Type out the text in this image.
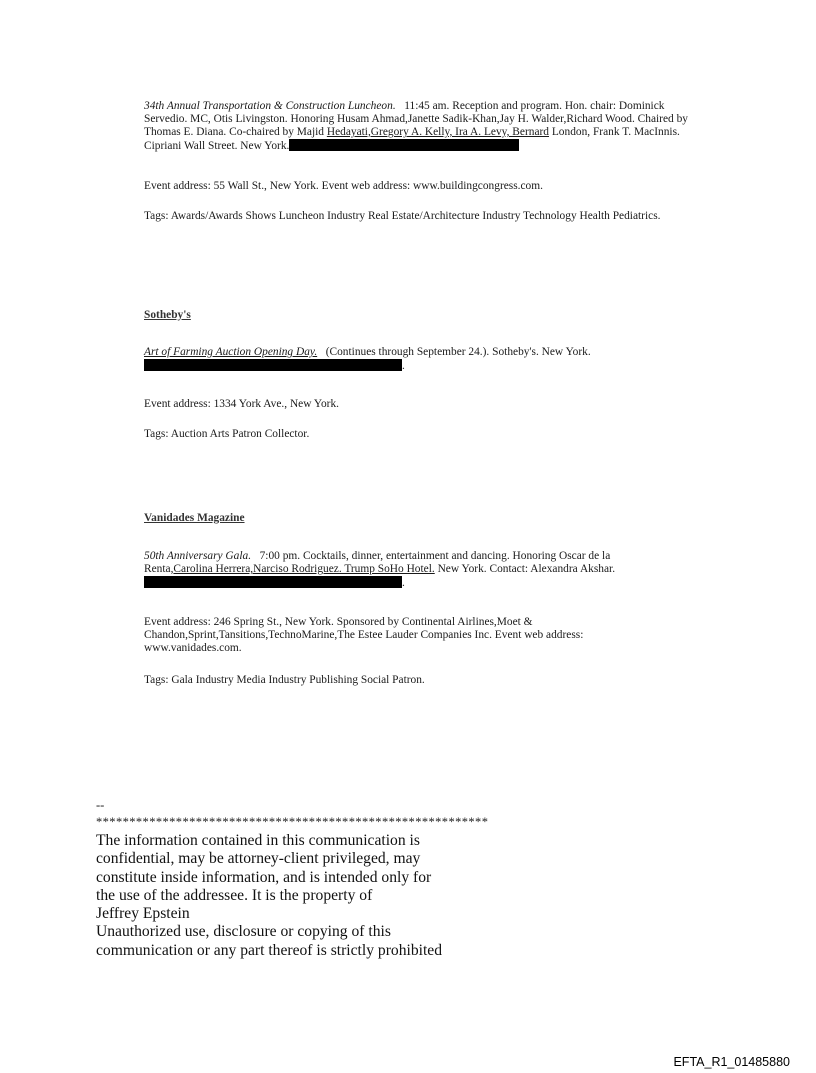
34th Annual Transportation & Construction Luncheon. 11:45 am. Reception and program. Hon. chair: Dominick Servedio. MC, Otis Livingston. Honoring Husam Ahmad,Janette Sadik-Khan,Jay H. Walder,Richard Wood. Chaired by Thomas E. Diana. Co-chaired by Majid Hedayati,Gregory A. Kelly, Ira A. Levy, Bernard London, Frank T. MacInnis. Cipriani Wall Street. New York.
Event address: 55 Wall St., New York. Event web address: www.buildingcongress.com.
Tags: Awards/Awards Shows Luncheon Industry Real Estate/Architecture Industry Technology Health Pediatrics.
Sotheby's
Art of Farming Auction Opening Day. (Continues through September 24.). Sotheby's. New York.  .
Event address: 1334 York Ave., New York.
Tags: Auction Arts Patron Collector.
Vanidades Magazine
50th Anniversary Gala. 7:00 pm. Cocktails, dinner, entertainment and dancing. Honoring Oscar de la Renta,Carolina Herrera,Narciso Rodriguez. Trump SoHo Hotel. New York. Contact: Alexandra Akshar..
Event address: 246 Spring St., New York. Sponsored by Continental Airlines,Moet & Chandon,Sprint,Tansitions,TechnoMarine,The Estee Lauder Companies Inc. Event web address: www.vanidades.com.
Tags: Gala Industry Media Industry Publishing Social Patron.
--
***********************************************************
The information contained in this communication is
confidential, may be attorney-client privileged, may
constitute inside information, and is intended only for
the use of the addressee. It is the property of
Jeffrey Epstein
Unauthorized use, disclosure or copying of this
communication or any part thereof is strictly prohibited
EFTA_R1_01485880
